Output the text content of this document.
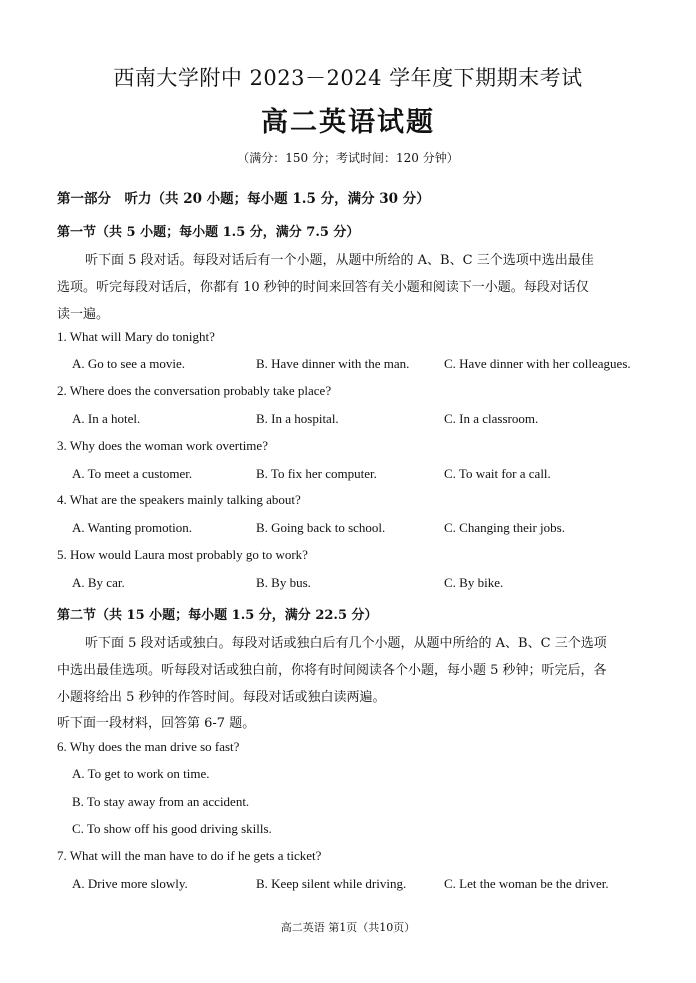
西南大学附中 2023－2024 学年度下期期末考试
高二英语试题
（满分：150 分；考试时间：120 分钟）
第一部分　听力（共 20 小题；每小题 1.5 分，满分 30 分）
第一节（共 5 小题；每小题 1.5 分，满分 7.5 分）
听下面 5 段对话。每段对话后有一个小题，从题中所给的 A、B、C 三个选项中选出最佳
选项。听完每段对话后，你都有 10 秒钟的时间来回答有关小题和阅读下一小题。每段对话仅
读一遍。
1. What will Mary do tonight?
A. Go to see a movie.	B. Have dinner with the man.	C. Have dinner with her colleagues.
2. Where does the conversation probably take place?
A. In a hotel.	B. In a hospital.	C. In a classroom.
3. Why does the woman work overtime?
A. To meet a customer.	B. To fix her computer.	C. To wait for a call.
4. What are the speakers mainly talking about?
A. Wanting promotion.	B. Going back to school.	C. Changing their jobs.
5. How would Laura most probably go to work?
A. By car.	B. By bus.	C. By bike.
第二节（共 15 小题；每小题 1.5 分，满分 22.5 分）
听下面 5 段对话或独白。每段对话或独白后有几个小题，从题中所给的 A、B、C 三个选项
中选出最佳选项。听每段对话或独白前，你将有时间阅读各个小题，每小题 5 秒钟；听完后，各
小题将给出 5 秒钟的作答时间。每段对话或独白读两遍。
听下面一段材料，回答第 6-7 题。
6. Why does the man drive so fast?
A. To get to work on time.
B. To stay away from an accident.
C. To show off his good driving skills.
7. What will the man have to do if he gets a ticket?
A. Drive more slowly.	B. Keep silent while driving.	C. Let the woman be the driver.
高二英语 第1页（共10页）
